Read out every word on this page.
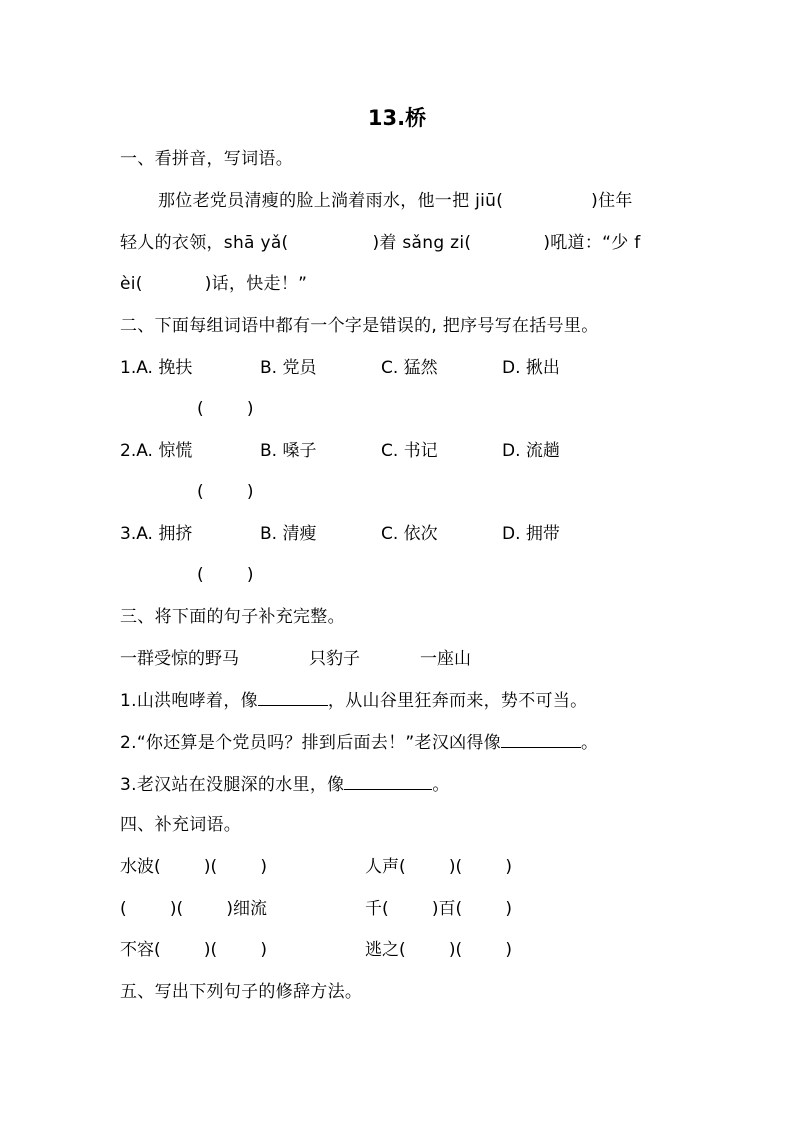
13.桥
一、看拼音，写词语。
那位老党员清瘦的脸上淌着雨水，他一把 jiū(	)住年
轻人的衣领，shā yǎ(	)着 sǎng zi(	)吼道：“少 f
èi(	)话，快走！”
二、下面每组词语中都有一个字是错误的, 把序号写在括号里。
1.A. 挽扶	B. 党员	C. 猛然	D. 揪出
(        )
2.A. 惊慌	B. 嗓子	C. 书记	D. 流趟
(        )
3.A. 拥挤	B. 清瘦	C. 依次	D. 拥带
(        )
三、将下面的句子补充完整。
一群受惊的野马	只豹子	一座山
1.山洪咆哮着，像	，从山谷里狂奔而来，势不可当。
2.“你还算是个党员吗？排到后面去！”老汉凶得像	。
3.老汉站在没腿深的水里，像	。
四、补充词语。
水波(        )(        )	人声(        )(        )
(        )(        )细流	千(        )百(        )
不容(        )(        )	逃之(        )(        )
五、写出下列句子的修辞方法。
